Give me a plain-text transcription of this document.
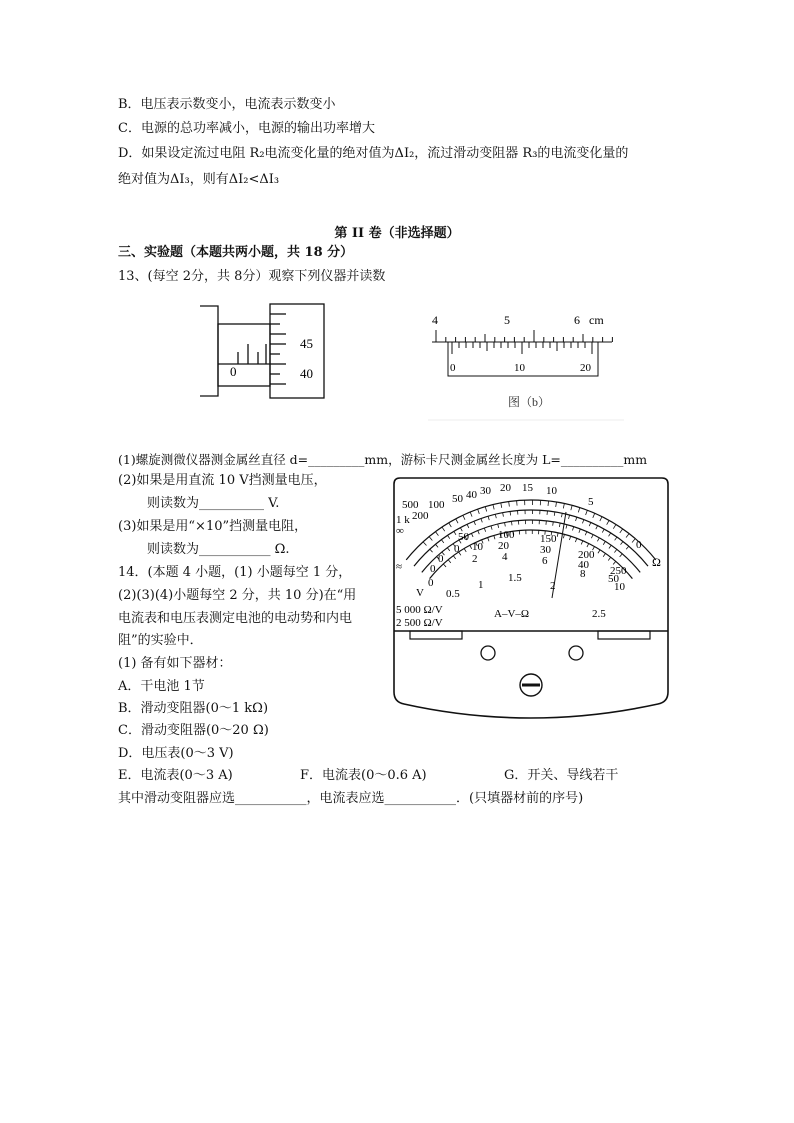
B．电压表示数变小，电流表示数变小
C．电源的总功率减小，电源的输出功率增大
D．如果设定流过电阻 R₂电流变化量的绝对值为ΔI₂，流过滑动变阻器 R₃的电流变化量的
绝对值为ΔI₃，则有ΔI₂<ΔI₃
第 II 卷（非选择题）
三、实验题（本题共两小题，共 18 分）
13、(每空 2分，共 8分）观察下列仪器并读数
0
45
40
4	5	6 cm
0	10	20
图（b）
(1)螺旋测微仪器测金属丝直径 d=_________mm，游标卡尺测金属丝长度为 L=__________mm
(2)如果是用直流 10 V挡测量电压，
则读数为__________ V.
(3)如果是用“×10”挡测量电阻，
则读数为___________ Ω.
500 100 50 40 30 20 15 10
5
0
1 k 200
∞
Ω
0
50	100 150
200
250
0
10 20	30
40
50
0
2 4	6
8
10
0
0.5
1
1.5
2
2.5
≈
V
5 000 Ω/V
2 500 Ω/V
A–V–Ω
14．(本题 4 小题，(1) 小题每空 1 分，
(2)(3)(4)小题每空 2 分，共 10 分)在“用
电流表和电压表测定电池的电动势和内电
阻”的实验中．
(1) 备有如下器材：
A．干电池 1节
B．滑动变阻器(0～1 kΩ)
C．滑动变阻器(0～20 Ω)
D．电压表(0～3 V)
E．电流表(0～3 A)	F．电流表(0～0.6 A)	G．开关、导线若干
其中滑动变阻器应选___________，电流表应选___________．(只填器材前的序号)
